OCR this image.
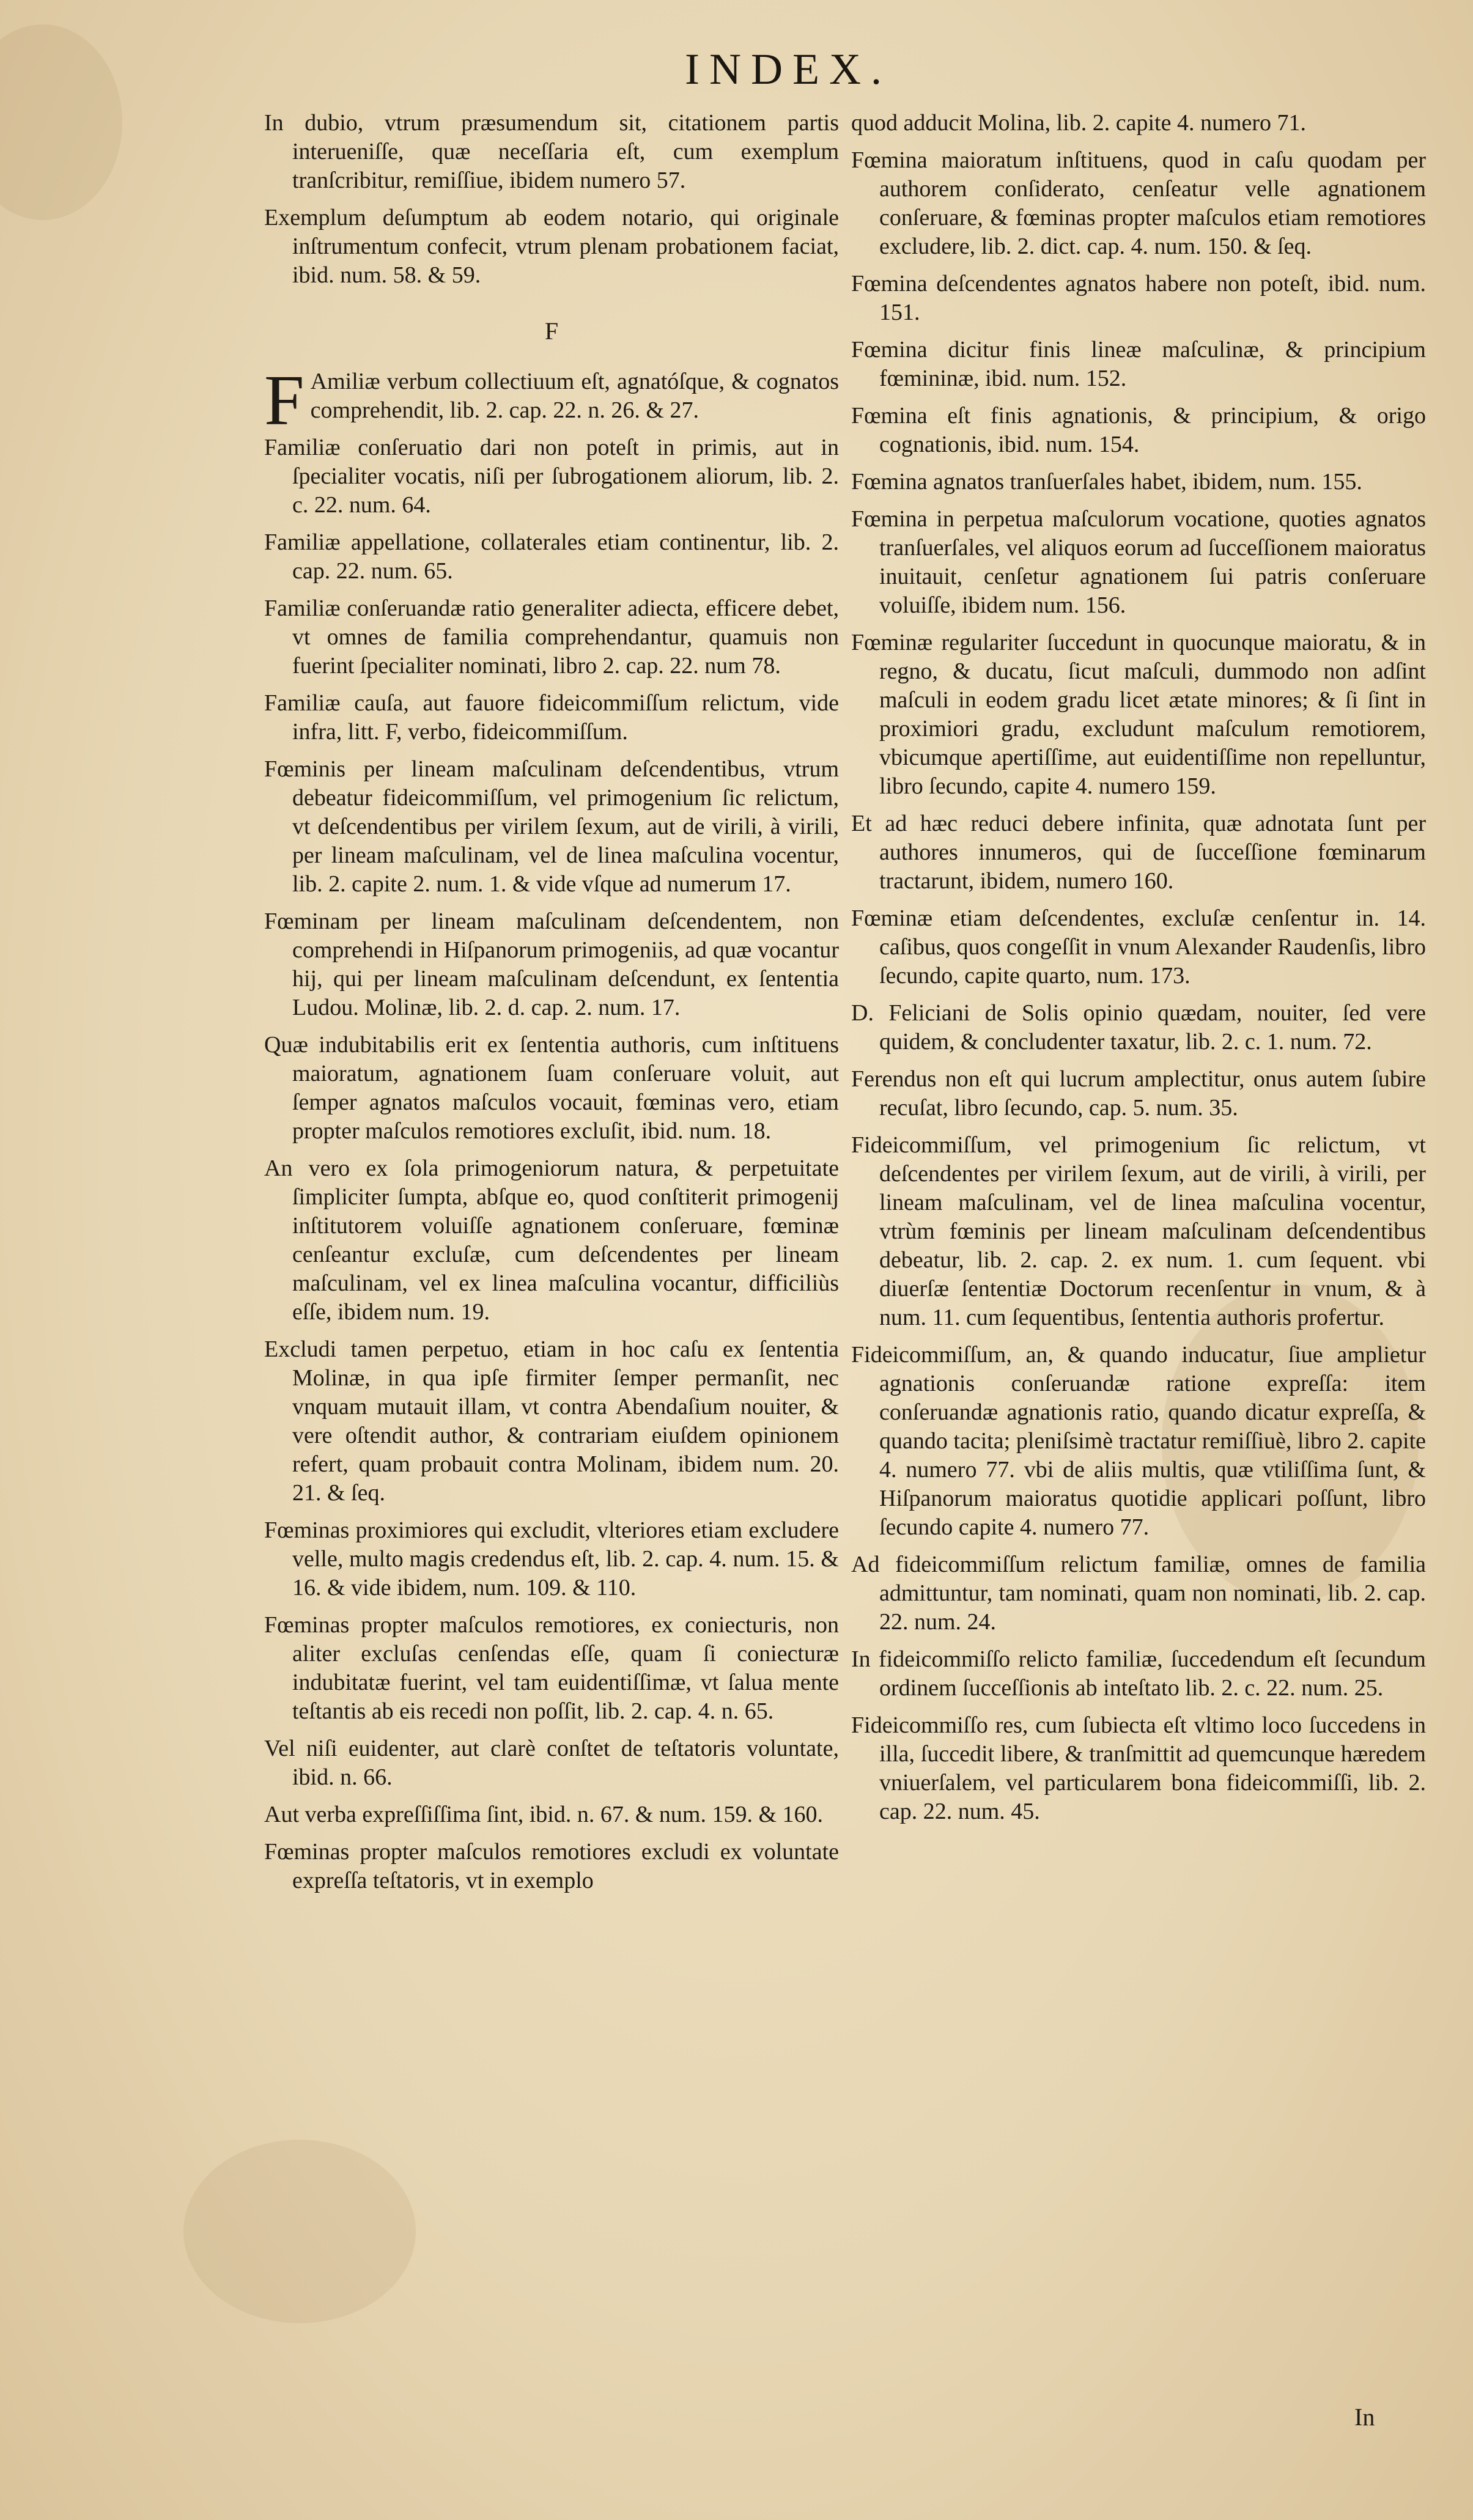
INDEX.

In dubio, vtrum præsumendum sit, citationem partis interueniſſe, quæ neceſſaria eſt, cum exemplum tranſcribitur, remiſſiue, ibidem numero 57.

Exemplum deſumptum ab eodem notario, qui originale inſtrumentum confecit, vtrum plenam probationem faciat, ibid. num. 58. & 59.

F

F Amiliæ verbum collectiuum eſt, agnatóſque, & cognatos comprehendit, lib. 2. cap. 22. n. 26. & 27.

Familiæ conſeruatio dari non poteſt in primis, aut in ſpecialiter vocatis, niſi per ſubrogationem aliorum, lib. 2. c. 22. num. 64.

Familiæ appellatione, collaterales etiam continentur, lib. 2. cap. 22. num. 65.

Familiæ conſeruandæ ratio generaliter adiecta, efficere debet, vt omnes de familia comprehendantur, quamuis non fuerint ſpecialiter nominati, libro 2. cap. 22. num 78.

Familiæ cauſa, aut fauore fideicommiſſum relictum, vide infra, litt. F, verbo, fideicommiſſum.

Fœminis per lineam maſculinam deſcendentibus, vtrum debeatur fideicommiſſum, vel primogenium ſic relictum, vt deſcendentibus per virilem ſexum, aut de virili, à virili, per lineam maſculinam, vel de linea maſculina vocentur, lib. 2. capite 2. num. 1. & vide vſque ad numerum 17.

Fœminam per lineam maſculinam deſcendentem, non comprehendi in Hiſpanorum primogeniis, ad quæ vocantur hij, qui per lineam maſculinam deſcendunt, ex ſententia Ludou. Molinæ, lib. 2. d. cap. 2. num. 17.

Quæ indubitabilis erit ex ſententia authoris, cum inſtituens maioratum, agnationem ſuam conſeruare voluit, aut ſemper agnatos maſculos vocauit, fœminas vero, etiam propter maſculos remotiores excluſit, ibid. num. 18.

An vero ex ſola primogeniorum natura, & perpetuitate ſimpliciter ſumpta, abſque eo, quod conſtiterit primogenij inſtitutorem voluiſſe agnationem conſeruare, fœminæ cenſeantur excluſæ, cum deſcendentes per lineam maſculinam, vel ex linea maſculina vocantur, difficiliùs eſſe, ibidem num. 19.

Excludi tamen perpetuo, etiam in hoc caſu ex ſententia Molinæ, in qua ipſe firmiter ſemper permanſit, nec vnquam mutauit illam, vt contra Abendaſium nouiter, & vere oſtendit author, & contrariam eiuſdem opinionem refert, quam probauit contra Molinam, ibidem num. 20. 21. & ſeq.

Fœminas proximiores qui excludit, vlteriores etiam excludere velle, multo magis credendus eſt, lib. 2. cap. 4. num. 15. & 16. & vide ibidem, num. 109. & 110.

Fœminas propter maſculos remotiores, ex coniecturis, non aliter excluſas cenſendas eſſe, quam ſi coniecturæ indubitatæ fuerint, vel tam euidentiſſimæ, vt ſalua mente teſtantis ab eis recedi non poſſit, lib. 2. cap. 4. n. 65.

Vel niſi euidenter, aut clarè conſtet de teſtatoris voluntate, ibid. n. 66.

Aut verba expreſſiſſima ſint, ibid. n. 67. & num. 159. & 160.

Fœminas propter maſculos remotiores excludi ex voluntate expreſſa teſtatoris, vt in exemplo

quod adducit Molina, lib. 2. capite 4. numero 71.

Fœmina maioratum inſtituens, quod in caſu quodam per authorem conſiderato, cenſeatur velle agnationem conſeruare, & fœminas propter maſculos etiam remotiores excludere, lib. 2. dict. cap. 4. num. 150. & ſeq.

Fœmina deſcendentes agnatos habere non poteſt, ibid. num. 151.

Fœmina dicitur finis lineæ maſculinæ, & principium fœmininæ, ibid. num. 152.

Fœmina eſt finis agnationis, & principium, & origo cognationis, ibid. num. 154.

Fœmina agnatos tranſuerſales habet, ibidem, num. 155.

Fœmina in perpetua maſculorum vocatione, quoties agnatos tranſuerſales, vel aliquos eorum ad ſucceſſionem maioratus inuitauit, cenſetur agnationem ſui patris conſeruare voluiſſe, ibidem num. 156.

Fœminæ regulariter ſuccedunt in quocunque maioratu, & in regno, & ducatu, ſicut maſculi, dummodo non adſint maſculi in eodem gradu licet ætate minores; & ſi ſint in proximiori gradu, excludunt maſculum remotiorem, vbicumque apertiſſime, aut euidentiſſime non repelluntur, libro ſecundo, capite 4. numero 159.

Et ad hæc reduci debere infinita, quæ adnotata ſunt per authores innumeros, qui de ſucceſſione fœminarum tractarunt, ibidem, numero 160.

Fœminæ etiam deſcendentes, excluſæ cenſentur in. 14. caſibus, quos congeſſit in vnum Alexander Raudenſis, libro ſecundo, capite quarto, num. 173.

D. Feliciani de Solis opinio quædam, nouiter, ſed vere quidem, & concludenter taxatur, lib. 2. c. 1. num. 72.

Ferendus non eſt qui lucrum amplectitur, onus autem ſubire recuſat, libro ſecundo, cap. 5. num. 35.

Fideicommiſſum, vel primogenium ſic relictum, vt deſcendentes per virilem ſexum, aut de virili, à virili, per lineam maſculinam, vel de linea maſculina vocentur, vtrùm fœminis per lineam maſculinam deſcendentibus debeatur, lib. 2. cap. 2. ex num. 1. cum ſequent. vbi diuerſæ ſententiæ Doctorum recenſentur in vnum, & à num. 11. cum ſequentibus, ſententia authoris profertur.

Fideicommiſſum, an, & quando inducatur, ſiue amplietur agnationis conſeruandæ ratione expreſſa: item conſeruandæ agnationis ratio, quando dicatur expreſſa, & quando tacita; pleniſsimè tractatur remiſſiuè, libro 2. capite 4. numero 77. vbi de aliis multis, quæ vtiliſſima ſunt, & Hiſpanorum maioratus quotidie applicari poſſunt, libro ſecundo capite 4. numero 77.

Ad fideicommiſſum relictum familiæ, omnes de familia admittuntur, tam nominati, quam non nominati, lib. 2. cap. 22. num. 24.

In fideicommiſſo relicto familiæ, ſuccedendum eſt ſecundum ordinem ſucceſſionis ab inteſtato lib. 2. c. 22. num. 25.

Fideicommiſſo res, cum ſubiecta eſt vltimo loco ſuccedens in illa, ſuccedit libere, & tranſmittit ad quemcunque hæredem vniuerſalem, vel particularem bona fideicommiſſi, lib. 2. cap. 22. num. 45.

In
